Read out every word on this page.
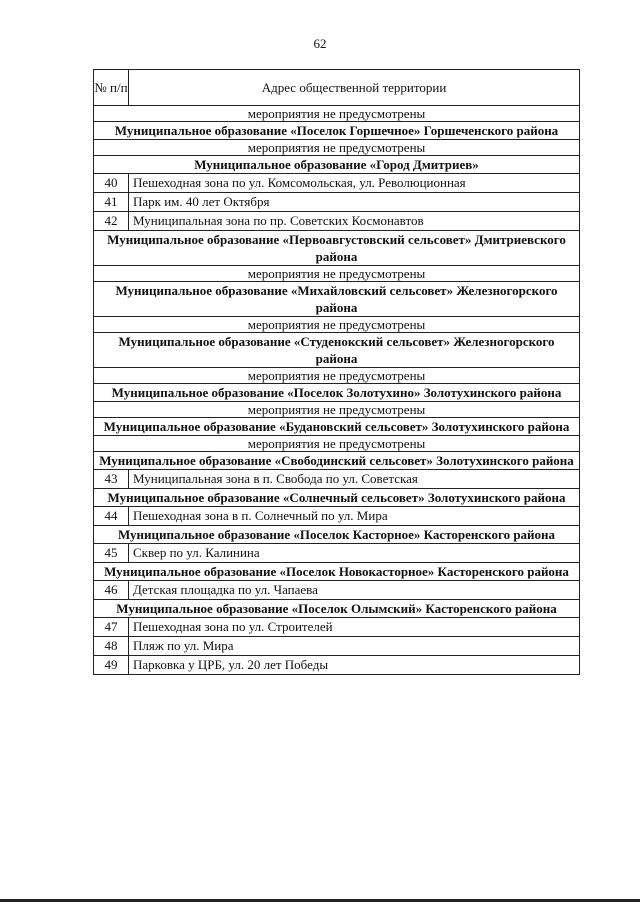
62
№ п/п	Адрес общественной территории
мероприятия не предусмотрены	
Муниципальное образование «Поселок Горшечное» Горшеченского района	
мероприятия не предусмотрены	
Муниципальное образование «Город Дмитриев»	
40	Пешеходная зона по ул. Комсомольская, ул. Революционная
41	Парк им. 40 лет Октября
42	Муниципальная зона по пр. Советских Космонавтов
Муниципальное образование «Первоавгустовский сельсовет» Дмитриевского района	
мероприятия не предусмотрены	
Муниципальное образование «Михайловский сельсовет» Железногорского района	
мероприятия не предусмотрены	
Муниципальное образование «Студенокский сельсовет» Железногорского района	
мероприятия не предусмотрены	
Муниципальное образование «Поселок Золотухино» Золотухинского района	
мероприятия не предусмотрены	
Муниципальное образование «Будановский сельсовет» Золотухинского района	
мероприятия не предусмотрены	
Муниципальное образование «Свободинский сельсовет» Золотухинского района	
43	Муниципальная зона в п. Свобода по ул. Советская
Муниципальное образование «Солнечный сельсовет» Золотухинского района	
44	Пешеходная зона в п. Солнечный по ул. Мира
Муниципальное образование «Поселок Касторное» Касторенского района	
45	Сквер по ул. Калинина
Муниципальное образование «Поселок Новокасторное» Касторенского района	
46	Детская площадка по ул. Чапаева
Муниципальное образование «Поселок Олымский» Касторенского района	
47	Пешеходная зона по ул. Строителей
48	Пляж по ул. Мира
49	Парковка у ЦРБ, ул. 20 лет Победы
